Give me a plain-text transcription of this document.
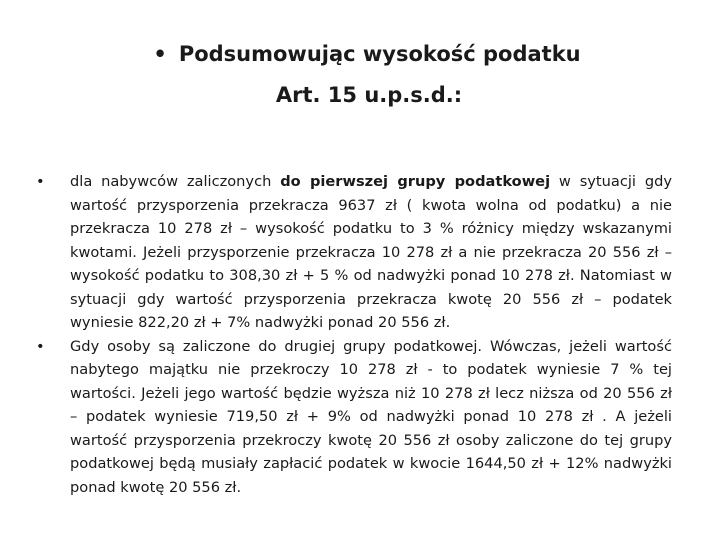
• Podsumowując wysokość podatku
Art. 15 u.p.s.d.:
•	dla nabywców zaliczonych do pierwszej grupy podatkowej w sytuacji gdy wartość przysporzenia przekracza 9637 zł ( kwota wolna od podatku) a nie przekracza 10 278 zł – wysokość podatku to 3 % różnicy między wskazanymi kwotami. Jeżeli przysporzenie przekracza 10 278 zł a nie przekracza 20 556 zł – wysokość podatku to 308,30 zł + 5 % od nadwyżki ponad 10 278 zł. Natomiast w sytuacji gdy wartość przysporzenia przekracza kwotę 20 556 zł – podatek wyniesie 822,20 zł + 7% nadwyżki ponad 20 556 zł.
•	Gdy osoby są zaliczone do drugiej grupy podatkowej. Wówczas, jeżeli wartość nabytego majątku nie przekroczy 10 278 zł - to podatek wyniesie 7 % tej wartości. Jeżeli jego wartość będzie wyższa niż 10 278 zł lecz niższa od 20 556 zł – podatek wyniesie 719,50 zł + 9% od nadwyżki ponad 10 278 zł . A jeżeli wartość przysporzenia przekroczy kwotę 20 556 zł osoby zaliczone do tej grupy podatkowej będą musiały zapłacić podatek w kwocie 1644,50 zł + 12% nadwyżki ponad kwotę 20 556 zł.
